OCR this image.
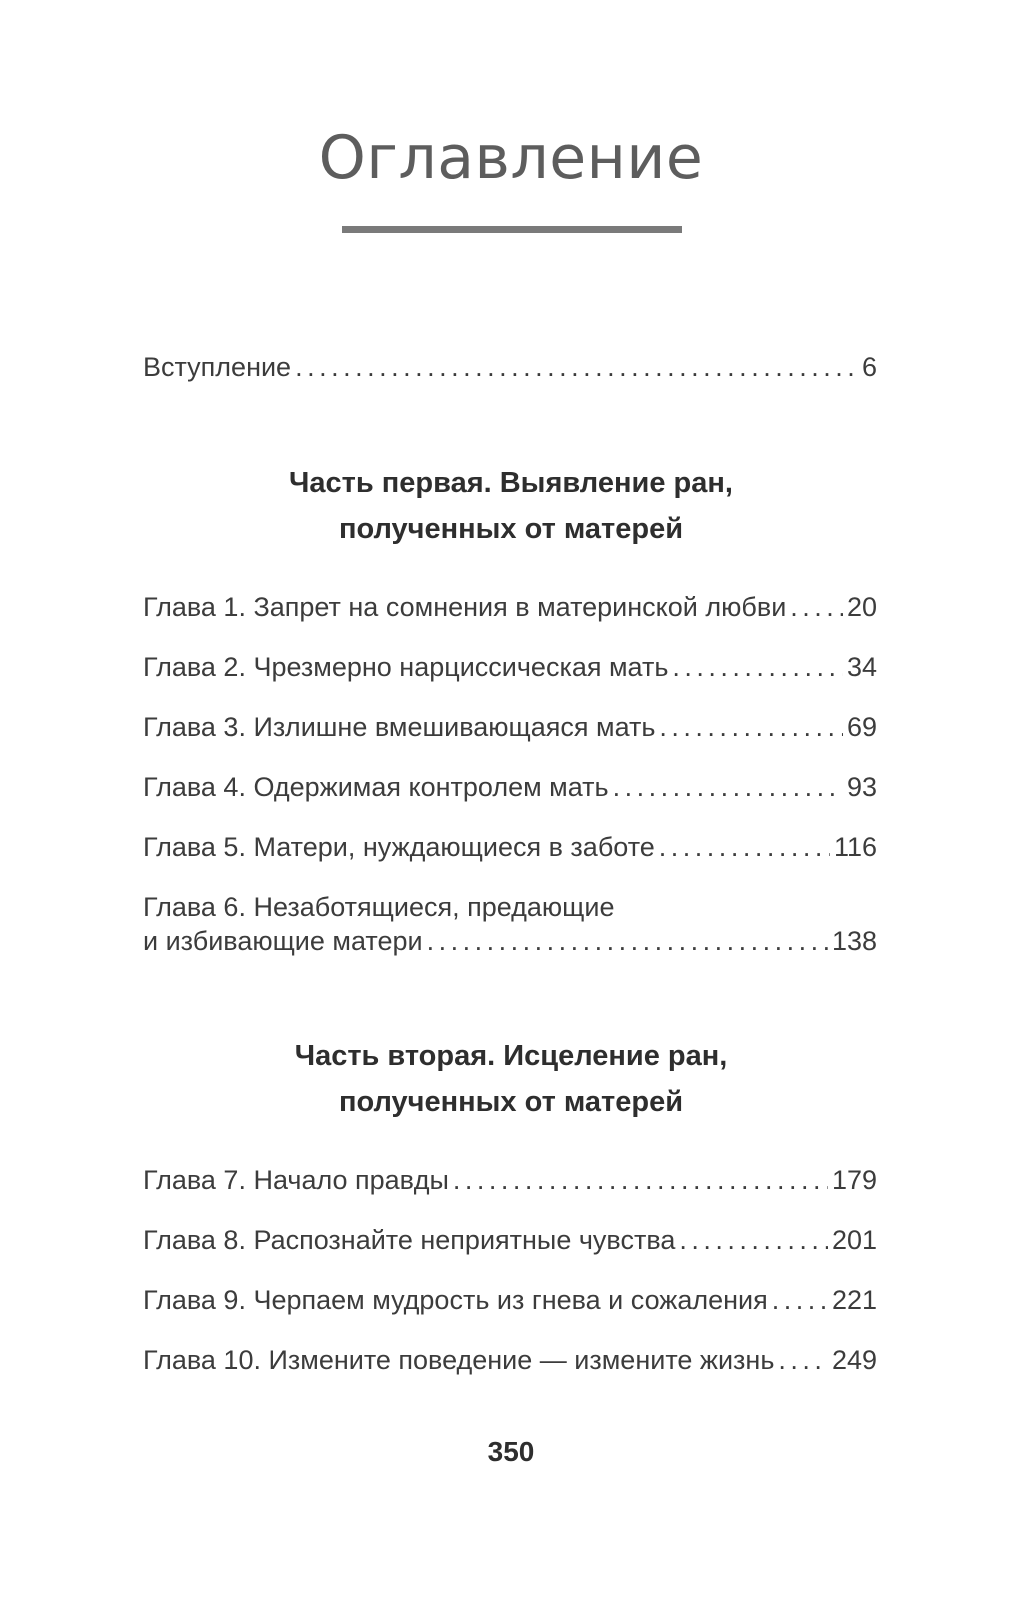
Оглавление
Вступление . . .	6
Часть первая. Выявление ран,
полученных от матерей
Глава 1. Запрет на сомнения в материнской любви . . . 20
Глава 2. Чрезмерно нарциссическая мать . . .	34
Глава 3. Излишне вмешивающаяся мать . . .	69
Глава 4. Одержимая контролем мать . . .	93
Глава 5. Матери, нуждающиеся в заботе . . .	116
Глава 6. Незаботящиеся, предающие
и избивающие матери . . .	138
Часть вторая. Исцеление ран,
полученных от матерей
Глава 7. Начало правды . . .	179
Глава 8. Распознайте неприятные чувства . . .	201
Глава 9. Черпаем мудрость из гнева и сожаления . . . 221
Глава 10. Измените поведение — измените жизнь . . . 249
350
